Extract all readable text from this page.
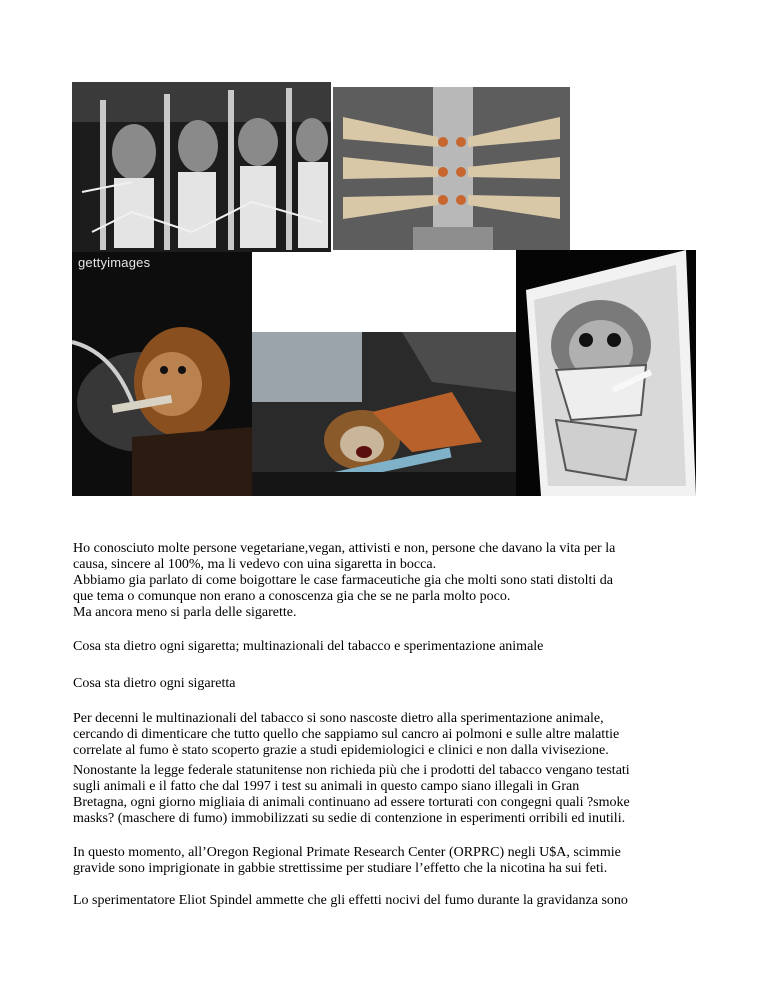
gettyimages
Ho conosciuto molte persone vegetariane,vegan, attivisti e non, persone che davano la vita per la
causa, sincere al 100%, ma li vedevo con uina sigaretta in bocca.
Abbiamo gia parlato di come boigottare le case farmaceutiche gia che molti sono stati distolti da
que tema o comunque non erano a conoscenza gia che se ne parla molto poco.
Ma ancora meno si parla delle sigarette.
Cosa sta dietro ogni sigaretta; multinazionali del tabacco e sperimentazione animale
Cosa sta dietro ogni sigaretta
Per decenni le multinazionali del tabacco si sono nascoste dietro alla sperimentazione animale,
cercando di dimenticare che tutto quello che sappiamo sul cancro ai polmoni e sulle altre malattie
correlate al fumo è stato scoperto grazie a studi epidemiologici e clinici e non dalla vivisezione.
Nonostante la legge federale statunitense non richieda più che i prodotti del tabacco vengano testati
sugli animali e il fatto che dal 1997 i test su animali in questo campo siano illegali in Gran
Bretagna, ogni giorno migliaia di animali continuano ad essere torturati con congegni quali ?smoke
masks? (maschere di fumo) immobilizzati su sedie di contenzione in esperimenti orribili ed inutili.
In questo momento, all’Oregon Regional Primate Research Center (ORPRC) negli U$A, scimmie
gravide sono imprigionate in gabbie strettissime per studiare l’effetto che la nicotina ha sui feti.
Lo sperimentatore Eliot Spindel ammette che gli effetti nocivi del fumo durante la gravidanza sono
